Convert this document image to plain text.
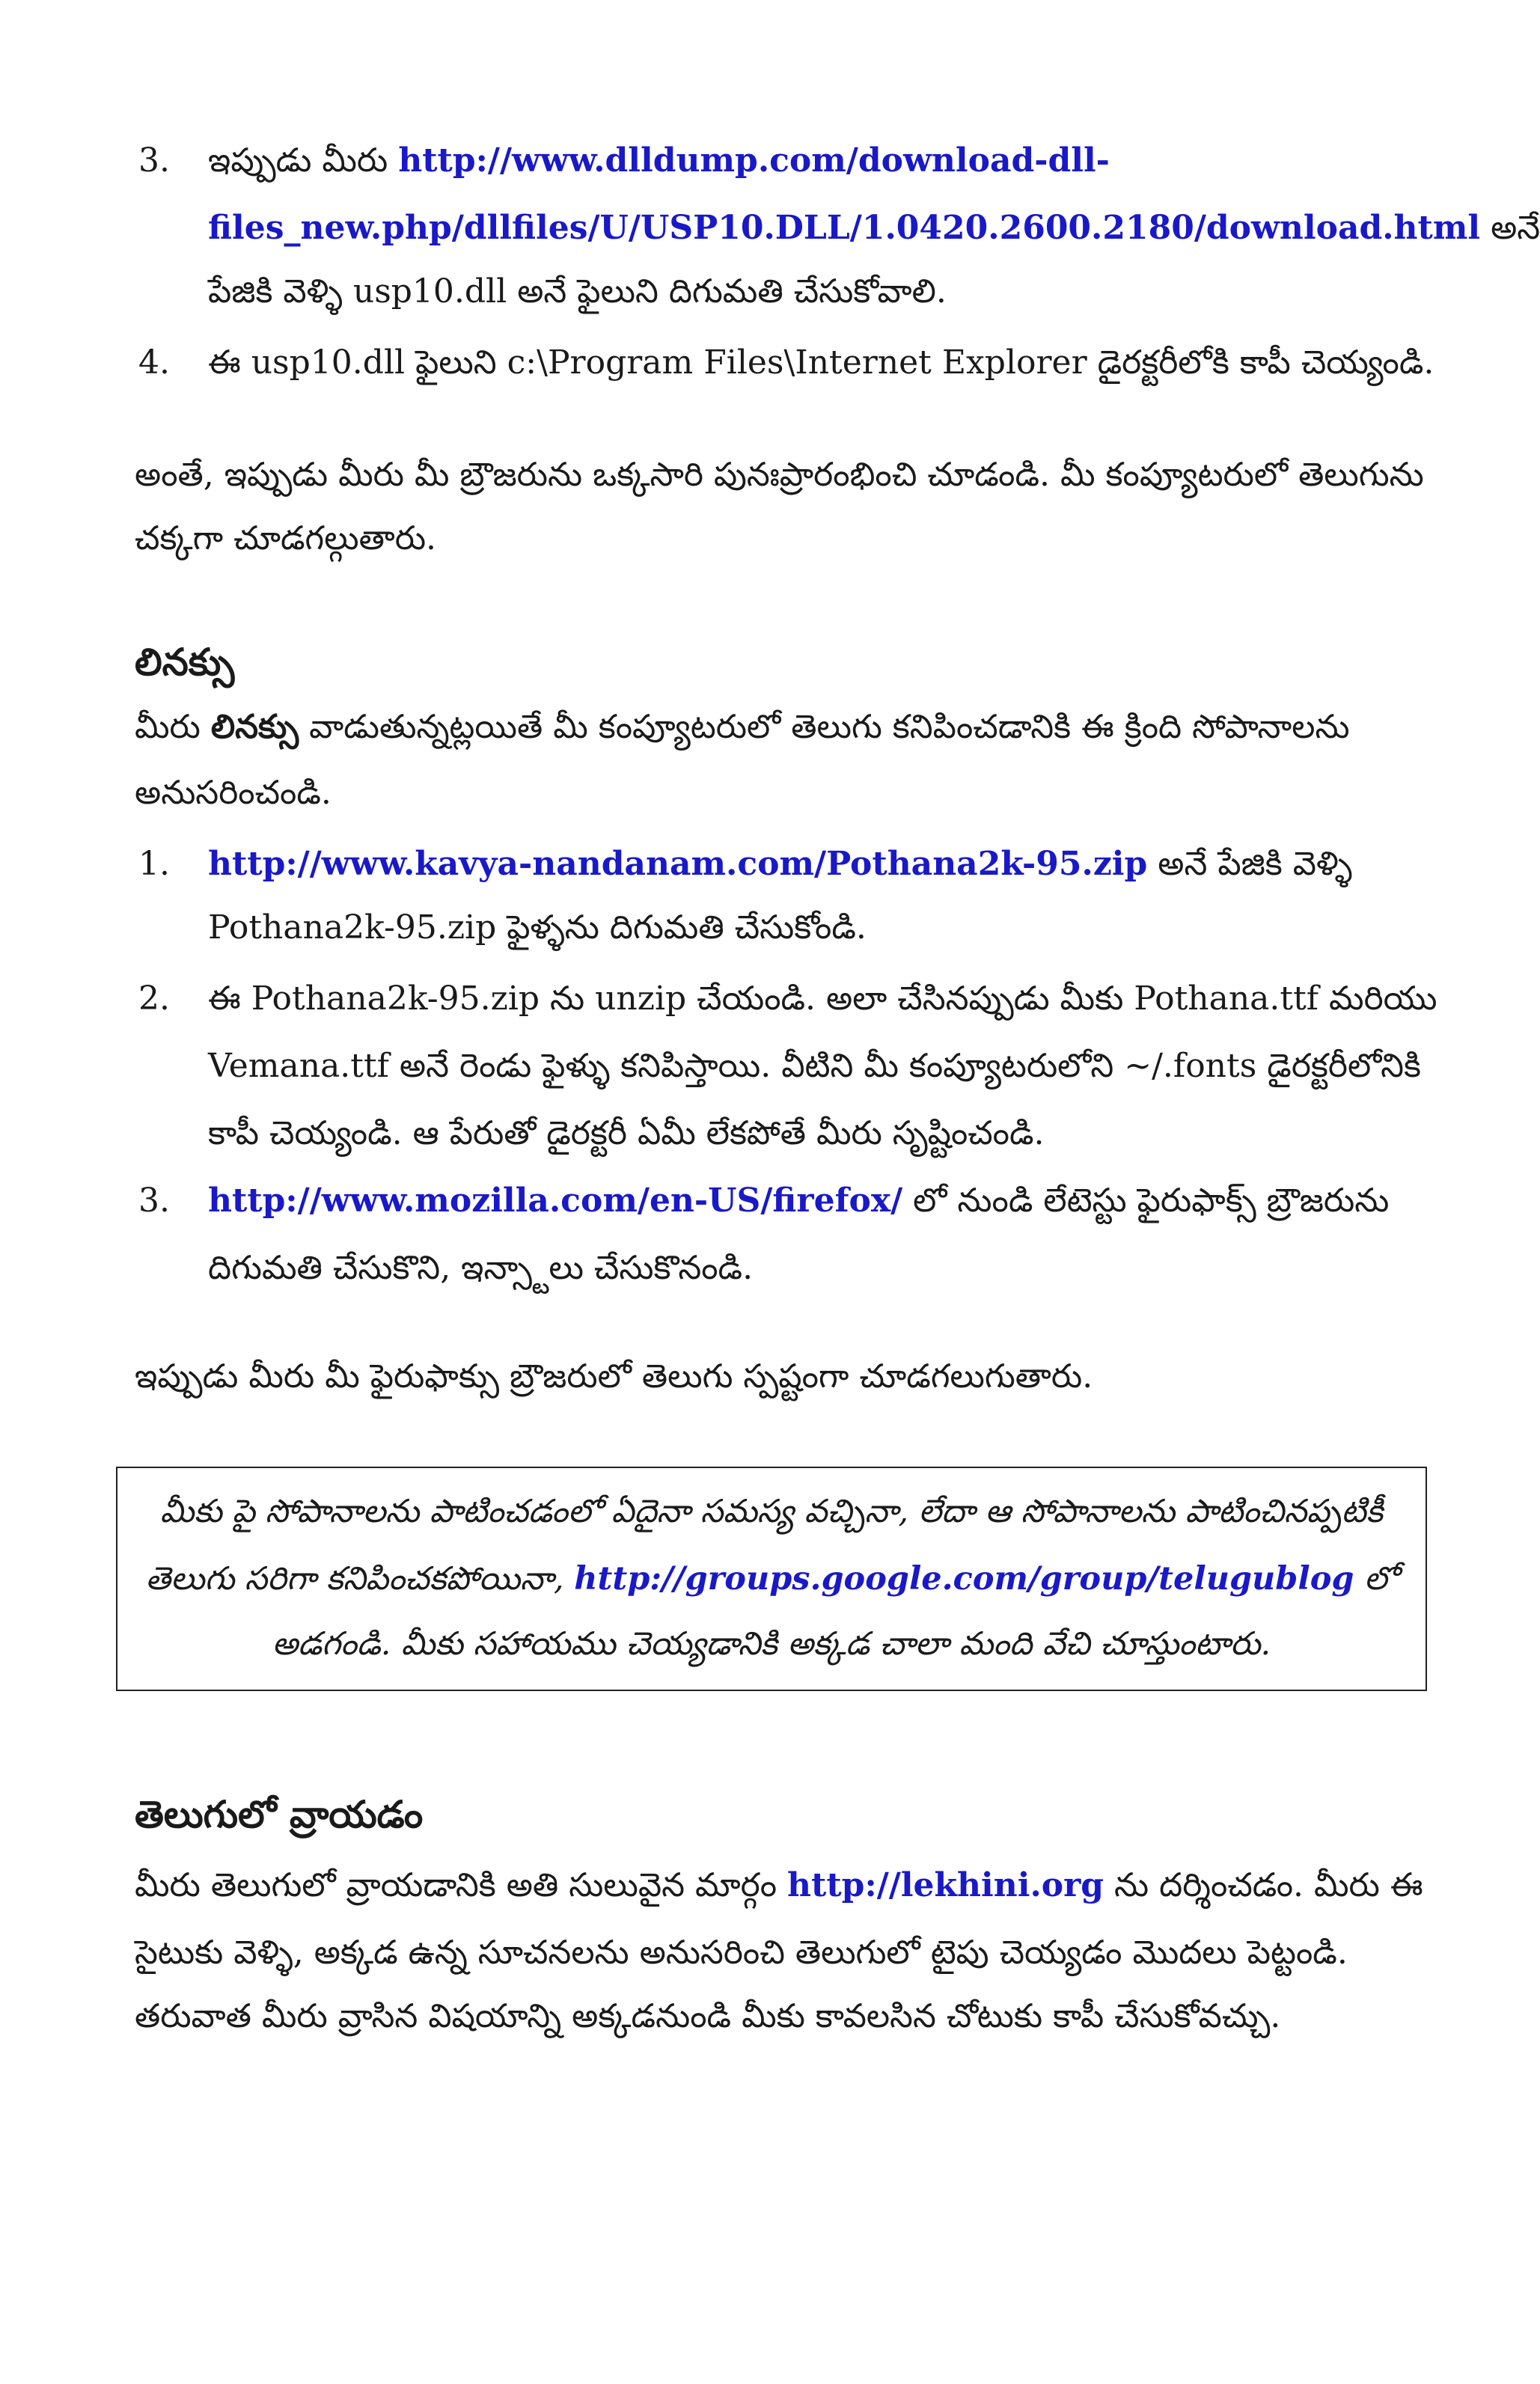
3.	ఇప్పుడు మీరు http://www.dlldump.com/download-dll-
files_new.php/dllfiles/U/USP10.DLL/1.0420.2600.2180/download.html అనే
పేజికి వెళ్ళి usp10.dll అనే ఫైలుని దిగుమతి చేసుకోవాలి.
4.	ఈ usp10.dll ఫైలుని c:\Program Files\Internet Explorer డైరక్టరీలోకి కాపీ చెయ్యండి.
అంతే, ఇప్పుడు మీరు మీ బ్రౌజరును ఒక్కసారి పునఃప్రారంభించి చూడండి. మీ కంప్యూటరులో తెలుగును
చక్కగా చూడగల్గుతారు.
లినక్సు
మీరు లినక్సు వాడుతున్నట్లయితే మీ కంప్యూటరులో తెలుగు కనిపించడానికి ఈ క్రింది సోపానాలను
అనుసరించండి.
1.	http://www.kavya-nandanam.com/Pothana2k-95.zip అనే పేజికి వెళ్ళి
Pothana2k-95.zip ఫైళ్ళను దిగుమతి చేసుకోండి.
2.	ఈ Pothana2k-95.zip ను unzip చేయండి. అలా చేసినప్పుడు మీకు Pothana.ttf మరియు
Vemana.ttf అనే రెండు ఫైళ్ళు కనిపిస్తాయి. వీటిని మీ కంప్యూటరులోని ~/.fonts డైరక్టరీలోనికి
కాపీ చెయ్యండి. ఆ పేరుతో డైరక్టరీ ఏమీ లేకపోతే మీరు సృష్టించండి.
3.	http://www.mozilla.com/en-US/firefox/ లో నుండి లేటెస్టు ఫైరుఫాక్స్ బ్రౌజరును
దిగుమతి చేసుకొని, ఇన్స్టాలు చేసుకొనండి.
ఇప్పుడు మీరు మీ ఫైరుఫాక్సు బ్రౌజరులో తెలుగు స్పష్టంగా చూడగలుగుతారు.
మీకు పై సోపానాలను పాటించడంలో ఏదైనా సమస్య వచ్చినా, లేదా ఆ సోపానాలను పాటించినప్పటికీ
తెలుగు సరిగా కనిపించకపోయినా, http://groups.google.com/group/telugublog లో
అడగండి. మీకు సహాయము చెయ్యడానికి అక్కడ చాలా మంది వేచి చూస్తుంటారు.
తెలుగులో వ్రాయడం
మీరు తెలుగులో వ్రాయడానికి అతి సులువైన మార్గం http://lekhini.org ను దర్శించడం. మీరు ఈ
సైటుకు వెళ్ళి, అక్కడ ఉన్న సూచనలను అనుసరించి తెలుగులో టైపు చెయ్యడం మొదలు పెట్టండి.
తరువాత మీరు వ్రాసిన విషయాన్ని అక్కడనుండి మీకు కావలసిన చోటుకు కాపీ చేసుకోవచ్చు.
